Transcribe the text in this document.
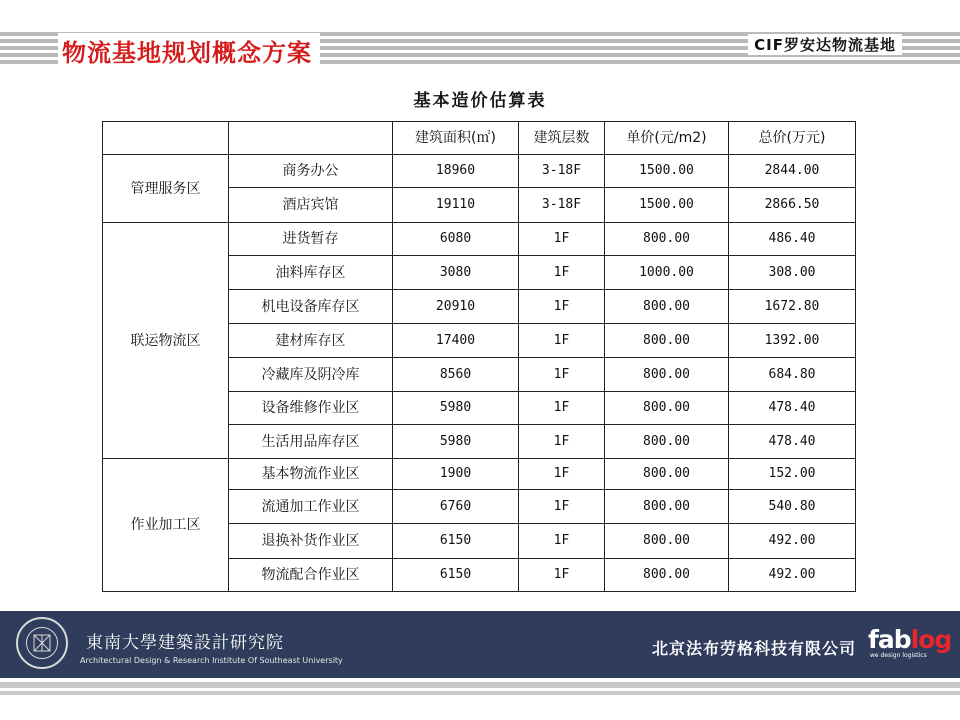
物流基地规划概念方案	CIF罗安达物流基地
基本造价估算表
		建筑面积(㎡)	建筑层数	单价(元/m2)	总价(万元)
管理服务区	商务办公	18960	3-18F	1500.00	2844.00
	酒店宾馆	19110	3-18F	1500.00	2866.50
联运物流区	进货暂存	6080	1F	800.00	486.40
	油料库存区	3080	1F	1000.00	308.00
	机电设备库存区	20910	1F	800.00	1672.80
	建材库存区	17400	1F	800.00	1392.00
	冷藏库及阴冷库	8560	1F	800.00	684.80
	设备维修作业区	5980	1F	800.00	478.40
	生活用品库存区	5980	1F	800.00	478.40
作业加工区	基本物流作业区	1900	1F	800.00	152.00
	流通加工作业区	6760	1F	800.00	540.80
	退换补货作业区	6150	1F	800.00	492.00
	物流配合作业区	6150	1F	800.00	492.00
東南大學建築設計研究院
Architectural Design & Research Institute Of Southeast University
北京法布劳格科技有限公司 fablog
we design logistics
